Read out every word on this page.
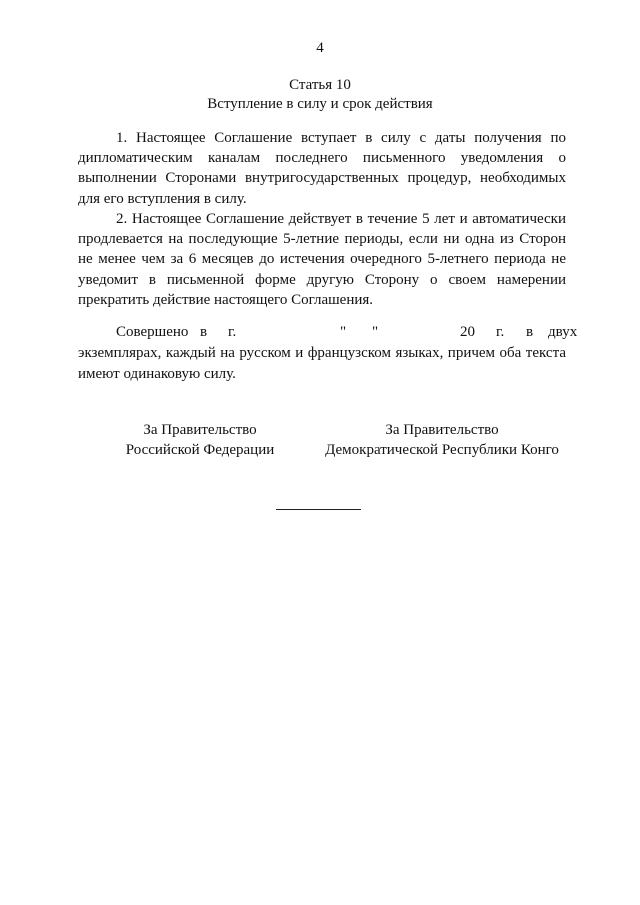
4
Статья 10
Вступление в силу и срок действия

1. Настоящее Соглашение вступает в силу с даты получения по дипломатическим каналам последнего письменного уведомления о выполнении Сторонами внутригосударственных процедур, необходимых для его вступления в силу.

2. Настоящее Соглашение действует в течение 5 лет и автоматически продлевается на последующие 5-летние периоды, если ни одна из Сторон не менее чем за 6 месяцев до истечения очередного 5-летнего периода не уведомит в письменной форме другую Сторону о своем намерении прекратить действие настоящего Соглашения.

Совершено в г.	" "	20 г. в двух

экземплярах, каждый на русском и французском языках, причем оба текста имеют одинаковую силу.

За Правительство
Российской Федерации
За Правительство
Демократической Республики Конго
